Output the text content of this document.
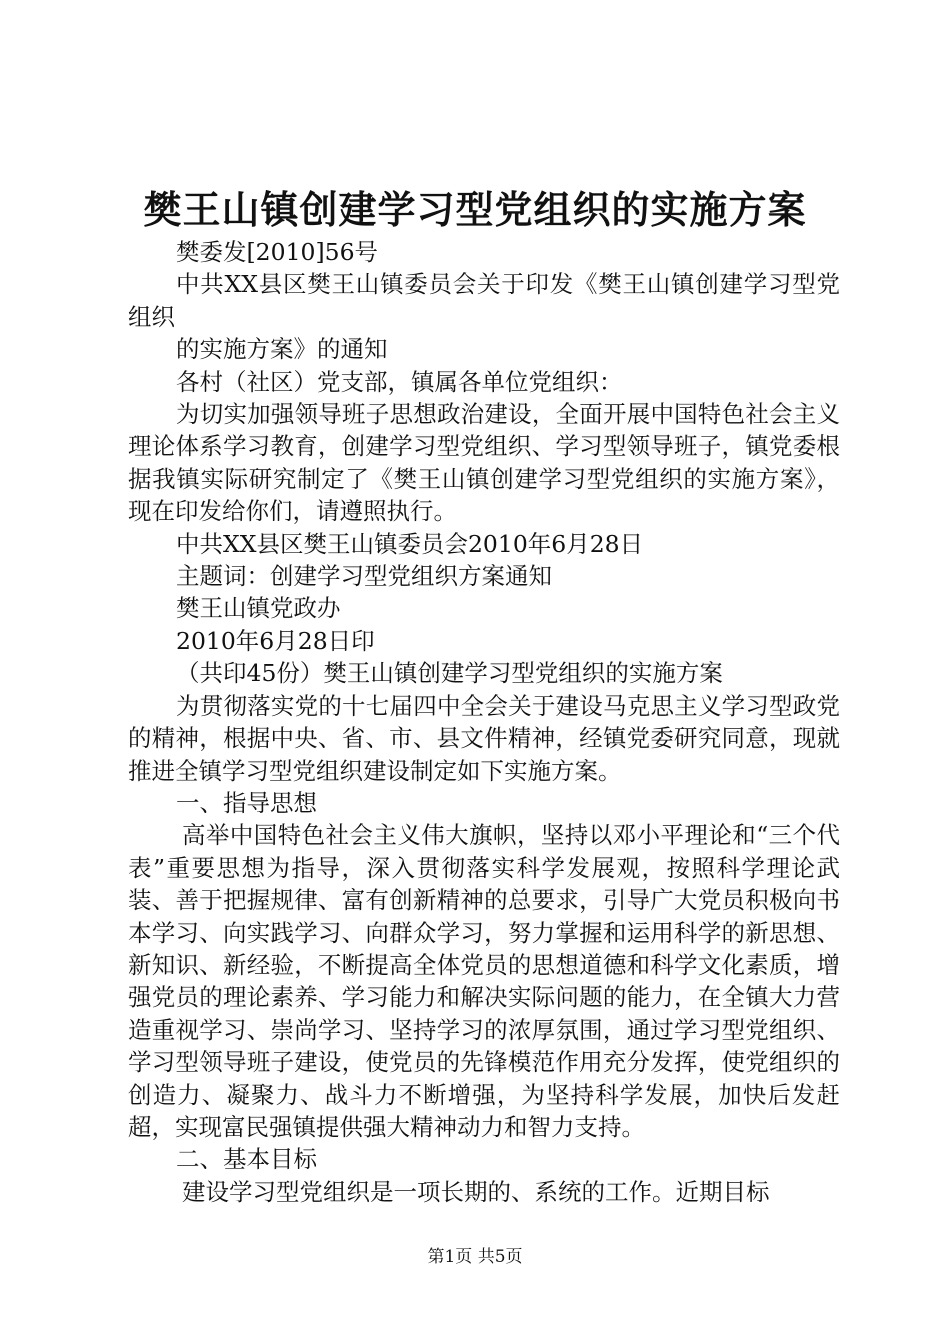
樊王山镇创建学习型党组织的实施方案

樊委发[2010]56号

中共XX县区樊王山镇委员会关于印发《樊王山镇创建学习型党组织

的实施方案》的通知

各村（社区）党支部，镇属各单位党组织：

为切实加强领导班子思想政治建设，全面开展中国特色社会主义理论体系学习教育，创建学习型党组织、学习型领导班子，镇党委根据我镇实际研究制定了《樊王山镇创建学习型党组织的实施方案》，现在印发给你们，请遵照执行。

中共XX县区樊王山镇委员会2010年6月28日

主题词：创建学习型党组织方案通知

樊王山镇党政办

2010年6月28日印

（共印45份）樊王山镇创建学习型党组织的实施方案

为贯彻落实党的十七届四中全会关于建设马克思主义学习型政党的精神，根据中央、省、市、县文件精神，经镇党委研究同意，现就推进全镇学习型党组织建设制定如下实施方案。

一、指导思想

高举中国特色社会主义伟大旗帜，坚持以邓小平理论和“三个代表”重要思想为指导，深入贯彻落实科学发展观，按照科学理论武装、善于把握规律、富有创新精神的总要求，引导广大党员积极向书本学习、向实践学习、向群众学习，努力掌握和运用科学的新思想、新知识、新经验，不断提高全体党员的思想道德和科学文化素质，增强党员的理论素养、学习能力和解决实际问题的能力，在全镇大力营造重视学习、崇尚学习、坚持学习的浓厚氛围，通过学习型党组织、学习型领导班子建设，使党员的先锋模范作用充分发挥，使党组织的创造力、凝聚力、战斗力不断增强，为坚持科学发展，加快后发赶超，实现富民强镇提供强大精神动力和智力支持。

二、基本目标

建设学习型党组织是一项长期的、系统的工作。近期目标

第1页 共5页
